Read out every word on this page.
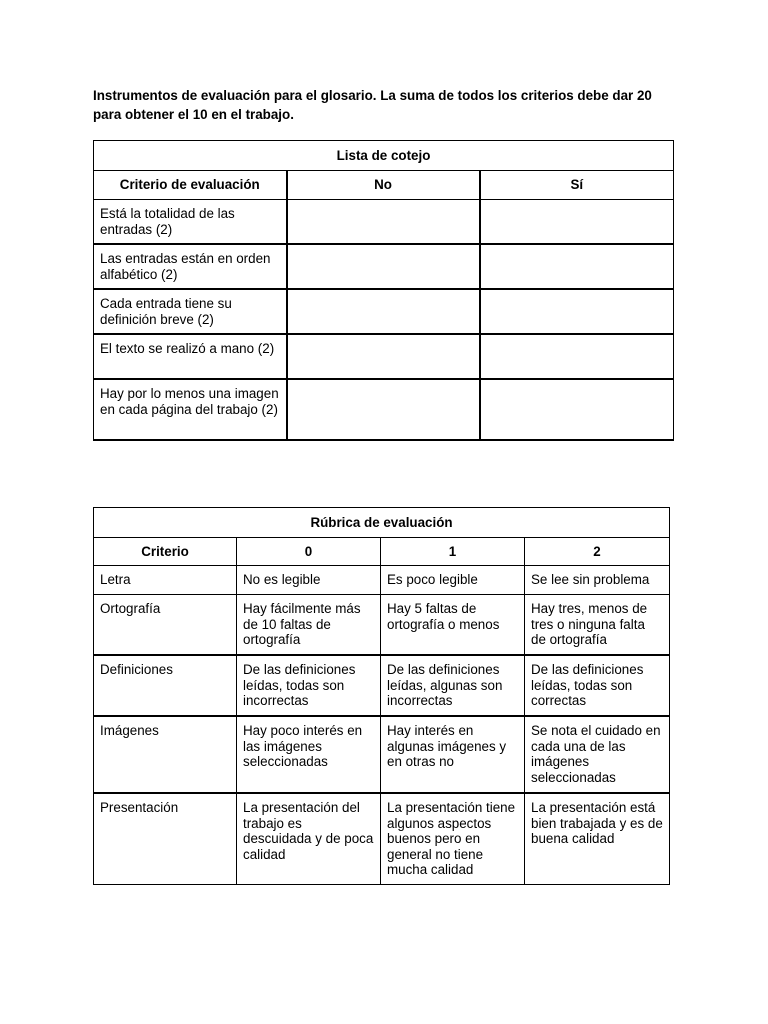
Instrumentos de evaluación para el glosario. La suma de todos los criterios debe dar 20 para obtener el 10 en el trabajo.

Lista de cotejo		
Criterio de evaluación	No	Sí
Está la totalidad de las entradas (2)		
Las entradas están en orden alfabético (2)		
Cada entrada tiene su definición breve (2)		
El texto se realizó a mano (2)		
Hay por lo menos una imagen en cada página del trabajo (2)		
Rúbrica de evaluación			
Criterio	0	1	2
Letra	No es legible	Es poco legible	Se lee sin problema
Ortografía	Hay fácilmente más de 10 faltas de ortografía	Hay 5 faltas de ortografía o menos	Hay tres, menos de tres o ninguna falta de ortografía
Definiciones	De las definiciones leídas, todas son incorrectas	De las definiciones leídas, algunas son incorrectas	De las definiciones leídas, todas son correctas
Imágenes	Hay poco interés en las imágenes seleccionadas	Hay interés en algunas imágenes y en otras no	Se nota el cuidado en cada una de las imágenes seleccionadas
Presentación	La presentación del trabajo es descuidada y de poca calidad	La presentación tiene algunos aspectos buenos pero en general no tiene mucha calidad	La presentación está bien trabajada y es de buena calidad
